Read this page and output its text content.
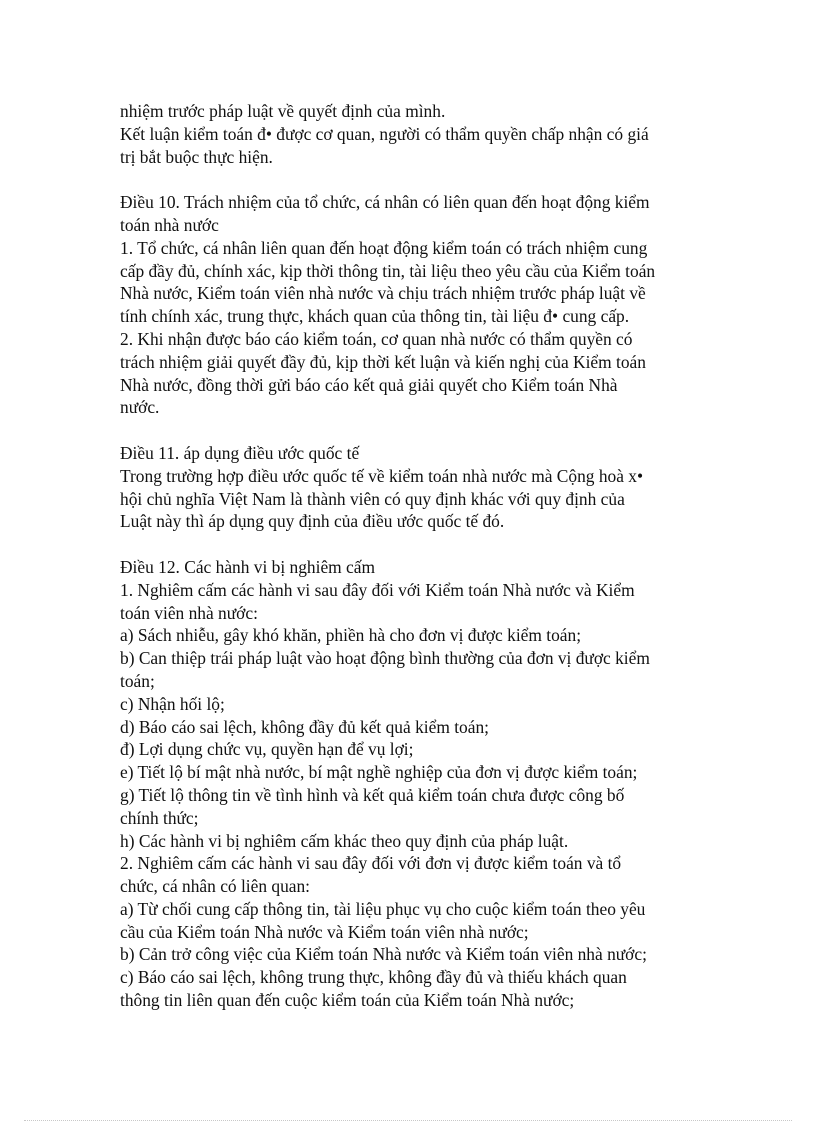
nhiệm trước pháp luật về quyết định của mình.

Kết luận kiểm toán đ• được cơ quan, người có thẩm quyền chấp nhận có giá

trị bắt buộc thực hiện.

Điều 10. Trách nhiệm của tổ chức, cá nhân có liên quan đến hoạt động kiểm

toán nhà nước

1. Tổ chức, cá nhân liên quan đến hoạt động kiểm toán có trách nhiệm cung

cấp đầy đủ, chính xác, kịp thời thông tin, tài liệu theo yêu cầu của Kiểm toán

Nhà nước, Kiểm toán viên nhà nước và chịu trách nhiệm trước pháp luật về

tính chính xác, trung thực, khách quan của thông tin, tài liệu đ• cung cấp.

2. Khi nhận được báo cáo kiểm toán, cơ quan nhà nước có thẩm quyền có

trách nhiệm giải quyết đầy đủ, kịp thời kết luận và kiến nghị của Kiểm toán

Nhà nước, đồng thời gửi báo cáo kết quả giải quyết cho Kiểm toán Nhà

nước.

Điều 11. áp dụng điều ước quốc tế

Trong trường hợp điều ước quốc tế về kiểm toán nhà nước mà Cộng hoà x•

hội chủ nghĩa Việt Nam là thành viên có quy định khác với quy định của

Luật này thì áp dụng quy định của điều ước quốc tế đó.

Điều 12. Các hành vi bị nghiêm cấm

1. Nghiêm cấm các hành vi sau đây đối với Kiểm toán Nhà nước và Kiểm

toán viên nhà nước:

a) Sách nhiễu, gây khó khăn, phiền hà cho đơn vị được kiểm toán;

b) Can thiệp trái pháp luật vào hoạt động bình thường của đơn vị được kiểm

toán;

c) Nhận hối lộ;

d) Báo cáo sai lệch, không đầy đủ kết quả kiểm toán;

đ) Lợi dụng chức vụ, quyền hạn để vụ lợi;

e) Tiết lộ bí mật nhà nước, bí mật nghề nghiệp của đơn vị được kiểm toán;

g) Tiết lộ thông tin về tình hình và kết quả kiểm toán chưa được công bố

chính thức;

h) Các hành vi bị nghiêm cấm khác theo quy định của pháp luật.

2. Nghiêm cấm các hành vi sau đây đối với đơn vị được kiểm toán và tổ

chức, cá nhân có liên quan:

a) Từ chối cung cấp thông tin, tài liệu phục vụ cho cuộc kiểm toán theo yêu

cầu của Kiểm toán Nhà nước và Kiểm toán viên nhà nước;

b) Cản trở công việc của Kiểm toán Nhà nước và Kiểm toán viên nhà nước;

c) Báo cáo sai lệch, không trung thực, không đầy đủ và thiếu khách quan

thông tin liên quan đến cuộc kiểm toán của Kiểm toán Nhà nước;
